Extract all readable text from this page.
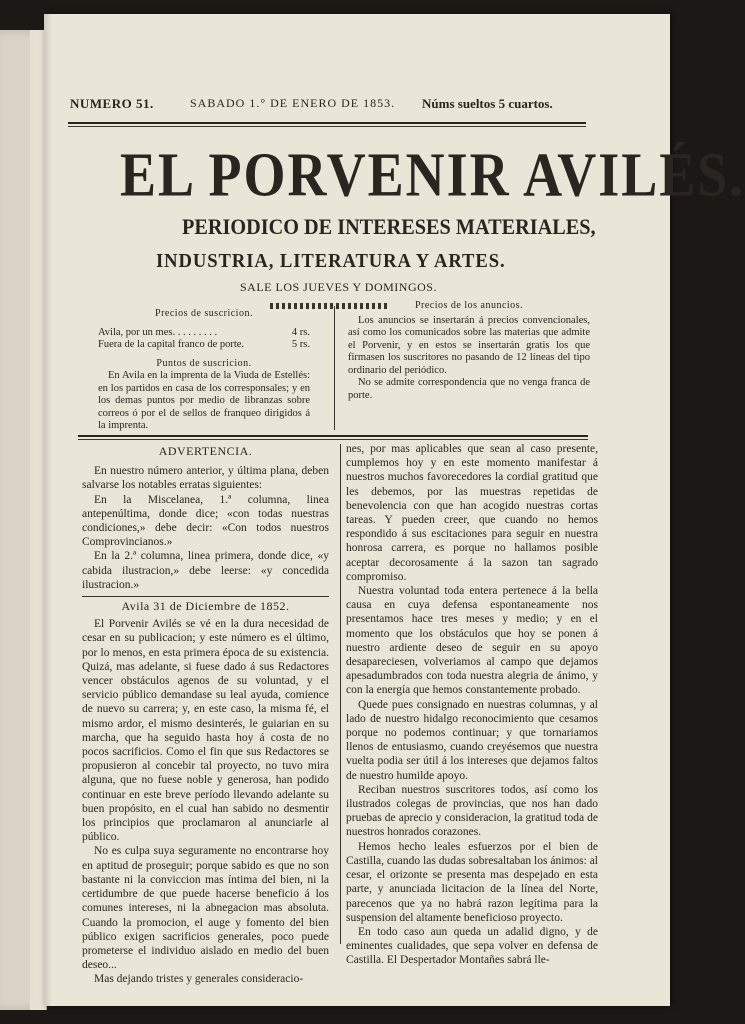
NUMERO 51.	SABADO 1.° DE ENERO DE 1853. Núms sueltos 5 cuartos.
EL PORVENIR AVILÉS.
PERIODICO DE INTERESES MATERIALES,
INDUSTRIA, LITERATURA Y ARTES.
SALE LOS JUEVES Y DOMINGOS.
Precios de suscricion.
Avila, por un mes. . . . . . . . .	4 rs.
Fuera de la capital franco de porte.	5 rs.
Puntos de suscricion.
En Avila en la imprenta de la Viuda de Estellés: en los partidos en casa de los corresponsales; y en los demas puntos por medio de libranzas sobre correos ó por el de sellos de franqueo dirigidos á la imprenta.
Precios de los anuncios.
Los anuncios se insertarán á precios convencionales, así como los comunicados sobre las materias que admite el Porvenir, y en estos se insertarán gratis los que firmasen los suscritores no pasando de 12 líneas del tipo ordinario del periódico.
No se admite correspondencia que no venga franca de porte.
ADVERTENCIA.

En nuestro número anterior, y última plana, deben salvarse los notables erratas siguientes:

En la Miscelanea, 1.ª columna, linea antepenúltima, donde dice; «con todas nuestras condiciones,» debe decir: «Con todos nuestros Comprovincianos.»

En la 2.ª columna, linea primera, donde dice, «y cabida ilustracion,» debe leerse: «y concedida ilustracion.»

Avila 31 de Diciembre de 1852.

El Porvenir Avilés se vé en la dura necesidad de cesar en su publicacion; y este número es el último, por lo menos, en esta primera época de su existencia. Quizá, mas adelante, si fuese dado á sus Redactores vencer obstáculos agenos de su voluntad, y el servicio público demandase su leal ayuda, comience de nuevo su carrera; y, en este caso, la misma fé, el mismo ardor, el mismo desinterés, le guiarian en su marcha, que ha seguido hasta hoy á costa de no pocos sacrificios. Como el fin que sus Redactores se propusieron al concebir tal proyecto, no tuvo mira alguna, que no fuese noble y generosa, han podido continuar en este breve período llevando adelante su buen propósito, en el cual han sabido no desmentir los principios que proclamaron al anunciarle al público.

No es culpa suya seguramente no encontrarse hoy en aptitud de proseguir; porque sabido es que no son bastante ni la conviccion mas íntima del bien, ni la certidumbre de que puede hacerse beneficio á los comunes intereses, ni la abnegacion mas absoluta. Cuando la promocion, el auge y fomento del bien público exigen sacrificios generales, poco puede prometerse el individuo aislado en medio del buen deseo...

Mas dejando tristes y generales consideracio-

nes, por mas aplicables que sean al caso presente, cumplemos hoy y en este momento manifestar á nuestros muchos favorecedores la cordial gratitud que les debemos, por las muestras repetidas de benevolencia con que han acogido nuestras cortas tareas. Y pueden creer, que cuando no hemos respondido á sus escitaciones para seguir en nuestra honrosa carrera, es porque no hallamos posible aceptar decorosamente á la sazon tan sagrado compromiso.

Nuestra voluntad toda entera pertenece á la bella causa en cuya defensa espontaneamente nos presentamos hace tres meses y medio; y en el momento que los obstáculos que hoy se ponen á nuestro ardiente deseo de seguir en su apoyo desapareciesen, volveriamos al campo que dejamos apesadumbrados con toda nuestra alegria de ánimo, y con la energía que hemos constantemente probado.

Quede pues consignado en nuestras columnas, y al lado de nuestro hidalgo reconocimiento que cesamos porque no podemos continuar; y que tornariamos llenos de entusiasmo, cuando creyésemos que nuestra vuelta podia ser útil á los intereses que dejamos faltos de nuestro humilde apoyo.

Reciban nuestros suscritores todos, así como los ilustrados colegas de provincias, que nos han dado pruebas de aprecio y consideracion, la gratitud toda de nuestros honrados corazones.

Hemos hecho leales esfuerzos por el bien de Castilla, cuando las dudas sobresaltaban los ánimos: al cesar, el orizonte se presenta mas despejado en esta parte, y anunciada licitacion de la línea del Norte, parecenos que ya no habrá razon legítima para la suspension del altamente beneficioso proyecto.

En todo caso aun queda un adalid digno, y de eminentes cualidades, que sepa volver en defensa de Castilla. El Despertador Montañes sabrá lle-
